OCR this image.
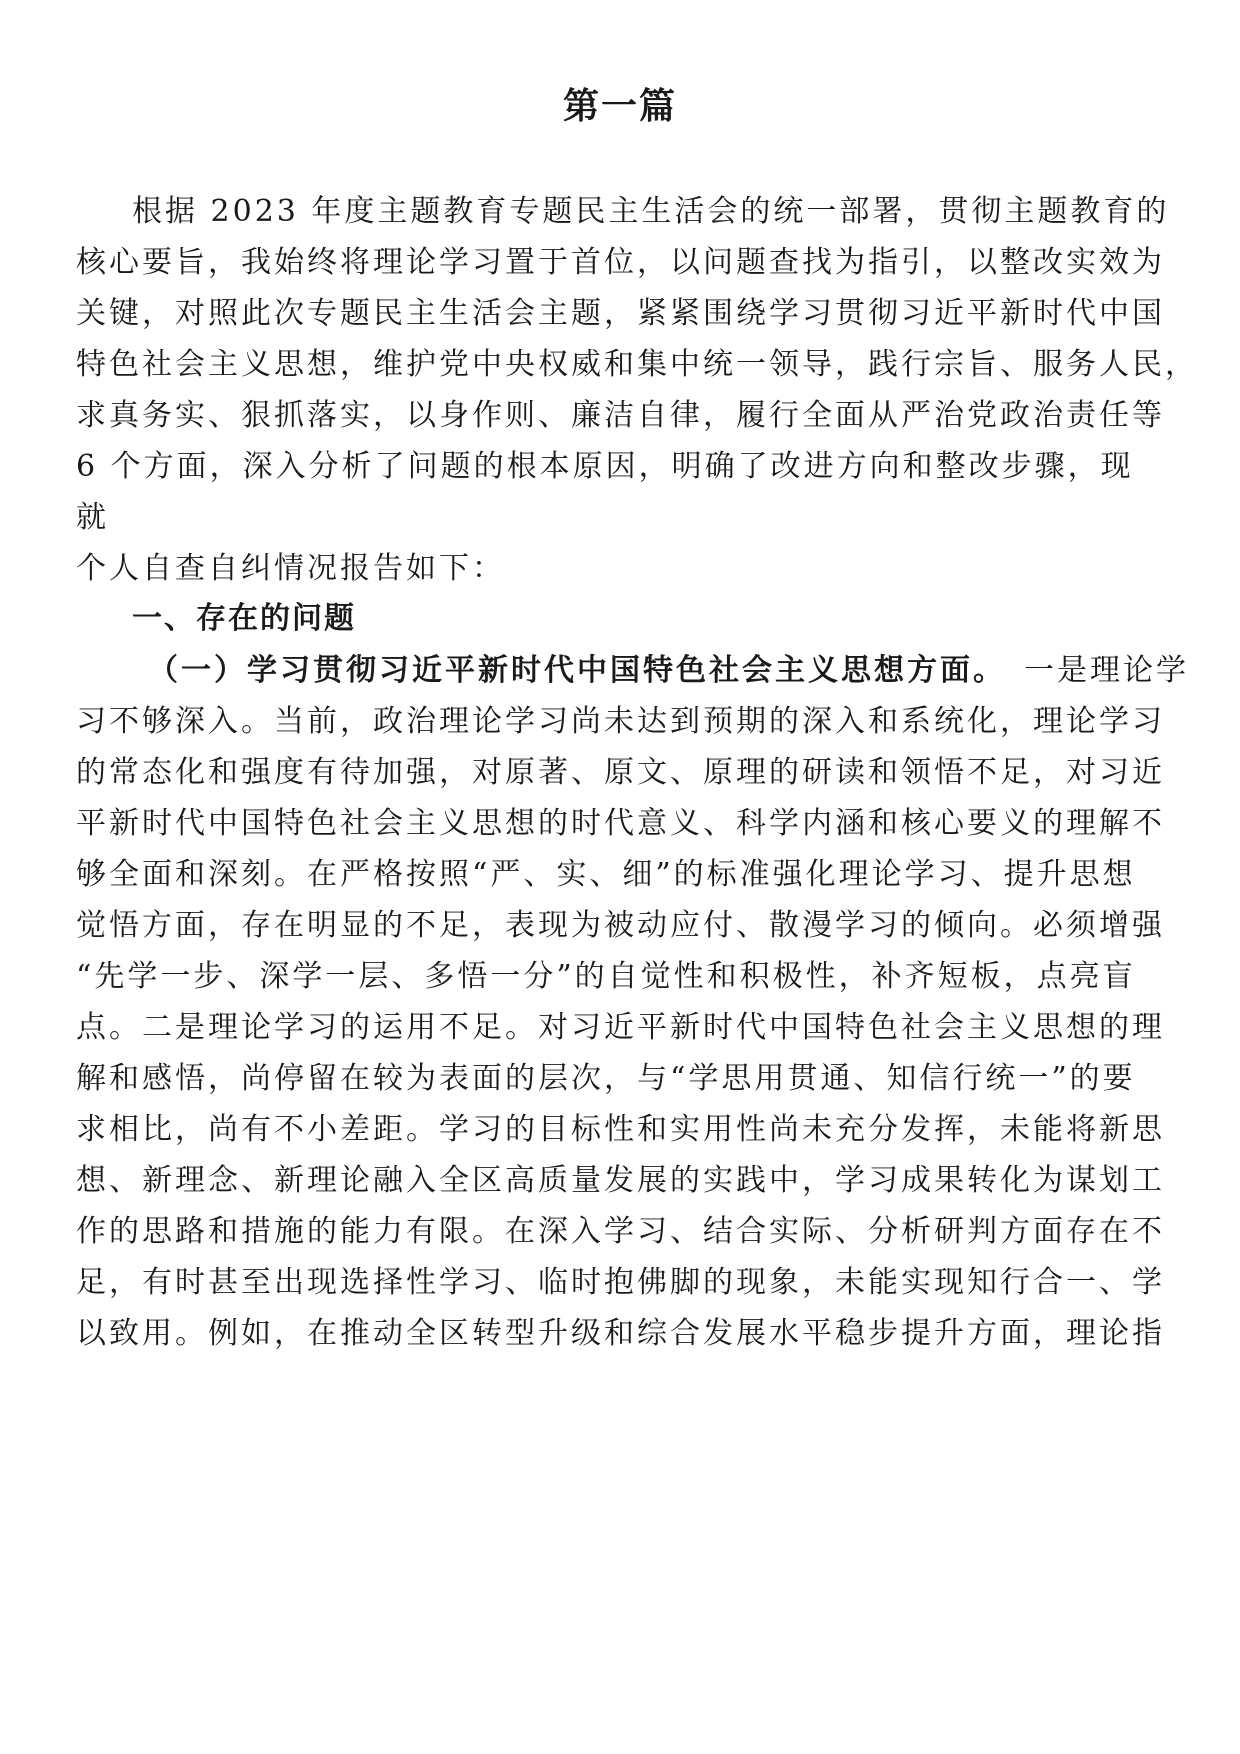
第一篇
根据 2023 年度主题教育专题民主生活会的统一部署，贯彻主题教育的
核心要旨，我始终将理论学习置于首位，以问题查找为指引，以整改实效为
关键，对照此次专题民主生活会主题，紧紧围绕学习贯彻习近平新时代中国
特色社会主义思想，维护党中央权威和集中统一领导，践行宗旨、服务人民，
求真务实、狠抓落实，以身作则、廉洁自律，履行全面从严治党政治责任等
6 个方面，深入分析了问题的根本原因，明确了改进方向和整改步骤，现
就
个人自查自纠情况报告如下：
一、存在的问题
（一）学习贯彻习近平新时代中国特色社会主义思想方面。 一是理论学
习不够深入。当前，政治理论学习尚未达到预期的深入和系统化，理论学习
的常态化和强度有待加强，对原著、原文、原理的研读和领悟不足，对习近
平新时代中国特色社会主义思想的时代意义、科学内涵和核心要义的理解不
够全面和深刻。在严格按照“严、实、细”的标准强化理论学习、提升思想
觉悟方面，存在明显的不足，表现为被动应付、散漫学习的倾向。必须增强
“先学一步、深学一层、多悟一分”的自觉性和积极性，补齐短板，点亮盲
点。二是理论学习的运用不足。对习近平新时代中国特色社会主义思想的理
解和感悟，尚停留在较为表面的层次，与“学思用贯通、知信行统一”的要
求相比，尚有不小差距。学习的目标性和实用性尚未充分发挥，未能将新思
想、新理念、新理论融入全区高质量发展的实践中，学习成果转化为谋划工
作的思路和措施的能力有限。在深入学习、结合实际、分析研判方面存在不
足，有时甚至出现选择性学习、临时抱佛脚的现象，未能实现知行合一、学
以致用。例如，在推动全区转型升级和综合发展水平稳步提升方面，理论指
